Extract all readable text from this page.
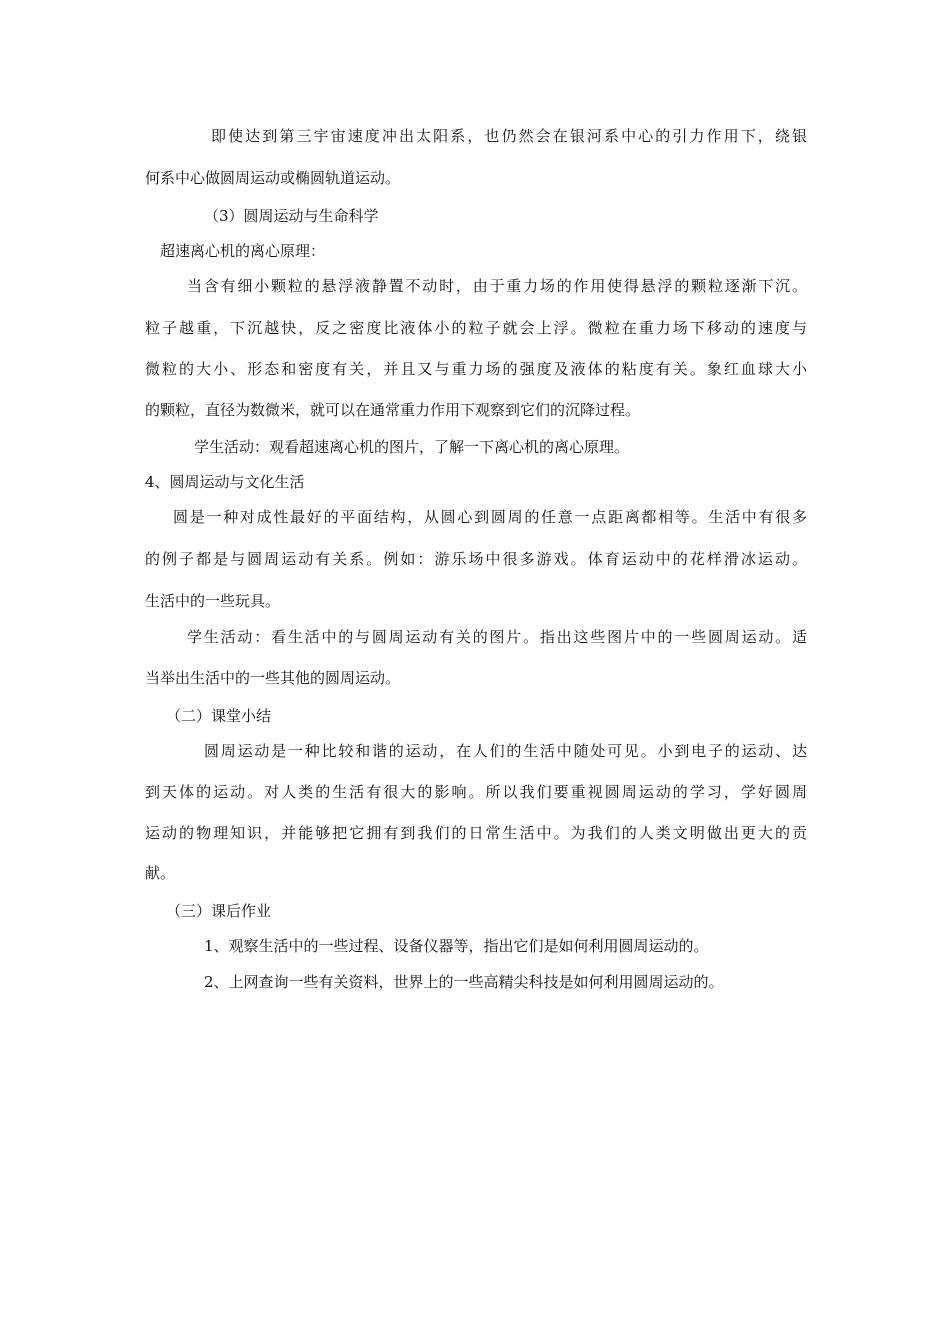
即使达到第三宇宙速度冲出太阳系，也仍然会在银河系中心的引力作用下，绕银
何系中心做圆周运动或椭圆轨道运动。
（3）圆周运动与生命科学
超速离心机的离心原理：
当含有细小颗粒的悬浮液静置不动时，由于重力场的作用使得悬浮的颗粒逐渐下沉。
粒子越重，下沉越快，反之密度比液体小的粒子就会上浮。微粒在重力场下移动的速度与
微粒的大小、形态和密度有关，并且又与重力场的强度及液体的粘度有关。象红血球大小
的颗粒，直径为数微米，就可以在通常重力作用下观察到它们的沉降过程。
学生活动：观看超速离心机的图片，了解一下离心机的离心原理。
4、圆周运动与文化生活
圆是一种对成性最好的平面结构，从圆心到圆周的任意一点距离都相等。生活中有很多
的例子都是与圆周运动有关系。例如：游乐场中很多游戏。体育运动中的花样滑冰运动。
生活中的一些玩具。
学生活动：看生活中的与圆周运动有关的图片。指出这些图片中的一些圆周运动。适
当举出生活中的一些其他的圆周运动。
（二）课堂小结
圆周运动是一种比较和谐的运动，在人们的生活中随处可见。小到电子的运动、达
到天体的运动。对人类的生活有很大的影响。所以我们要重视圆周运动的学习，学好圆周
运动的物理知识，并能够把它拥有到我们的日常生活中。为我们的人类文明做出更大的贡
献。
（三）课后作业
1、观察生活中的一些过程、设备仪器等，指出它们是如何利用圆周运动的。
2、上网查询一些有关资料，世界上的一些高精尖科技是如何利用圆周运动的。
